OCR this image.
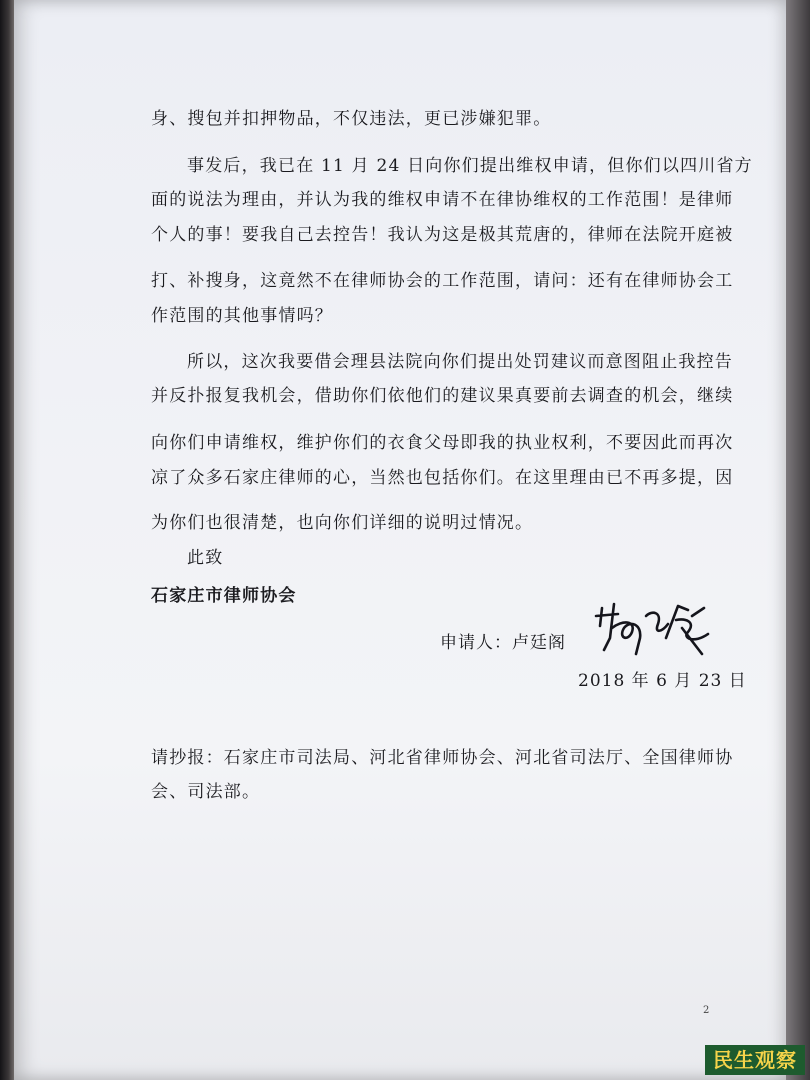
身、搜包并扣押物品，不仅违法，更已涉嫌犯罪。

事发后，我已在 11 月 24 日向你们提出维权申请，但你们以四川省方

面的说法为理由，并认为我的维权申请不在律协维权的工作范围！是律师

个人的事！要我自己去控告！我认为这是极其荒唐的，律师在法院开庭被

打、补搜身，这竟然不在律师协会的工作范围，请问：还有在律师协会工

作范围的其他事情吗？

所以，这次我要借会理县法院向你们提出处罚建议而意图阻止我控告

并反扑报复我机会，借助你们依他们的建议果真要前去调查的机会，继续

向你们申请维权，维护你们的衣食父母即我的执业权利，不要因此而再次

凉了众多石家庄律师的心，当然也包括你们。在这里理由已不再多提，因

为你们也很清楚，也向你们详细的说明过情况。

此致

石家庄市律师协会

申请人：卢廷阁

2018 年 6 月 23 日

请抄报：石家庄市司法局、河北省律师协会、河北省司法厅、全国律师协

会、司法部。

2
民生观察
